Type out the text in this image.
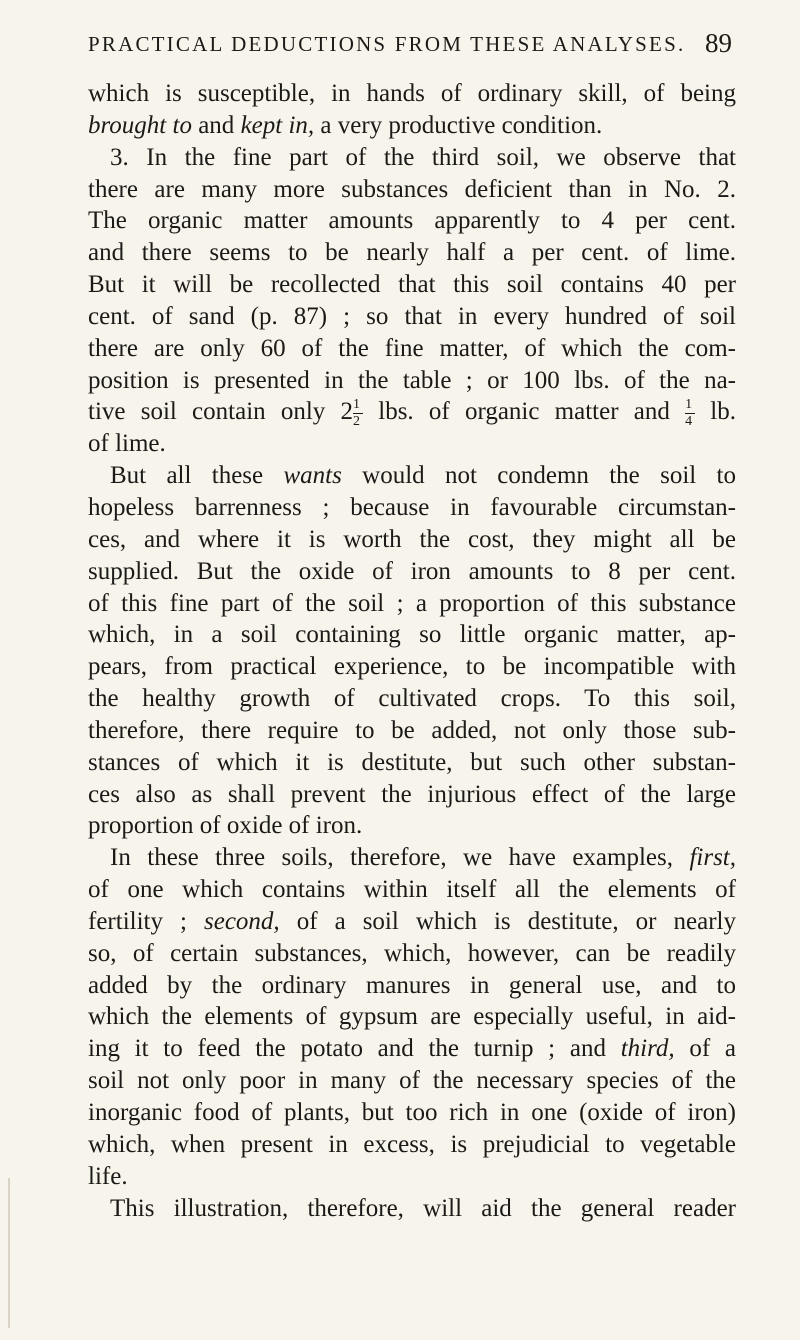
PRACTICAL DEDUCTIONS FROM THESE ANALYSES. 89
which is susceptible, in hands of ordinary skill, of being
brought to and kept in, a very productive condition.
3. In the fine part of the third soil, we observe that
there are many more substances deficient than in No. 2.
The organic matter amounts apparently to 4 per cent.
and there seems to be nearly half a per cent. of lime.
But it will be recollected that this soil contains 40 per
cent. of sand (p. 87) ; so that in every hundred of soil
there are only 60 of the fine matter, of which the com-
position is presented in the table ; or 100 lbs. of the na-
tive soil contain only $2 \frac{1}{2}$ lbs. of organic matter and $\frac{1}{4}$ lb.
of lime.
But all these wants would not condemn the soil to
hopeless barrenness ; because in favourable circumstan-
ces, and where it is worth the cost, they might all be
supplied. But the oxide of iron amounts to 8 per cent.
of this fine part of the soil ; a proportion of this substance
which, in a soil containing so little organic matter, ap-
pears, from practical experience, to be incompatible with
the healthy growth of cultivated crops. To this soil,
therefore, there require to be added, not only those sub-
stances of which it is destitute, but such other substan-
ces also as shall prevent the injurious effect of the large
proportion of oxide of iron.
In these three soils, therefore, we have examples, first,
of one which contains within itself all the elements of
fertility ; second, of a soil which is destitute, or nearly
so, of certain substances, which, however, can be readily
added by the ordinary manures in general use, and to
which the elements of gypsum are especially useful, in aid-
ing it to feed the potato and the turnip ; and third, of a
soil not only poor in many of the necessary species of the
inorganic food of plants, but too rich in one (oxide of iron)
which, when present in excess, is prejudicial to vegetable
life.
This illustration, therefore, will aid the general reader
